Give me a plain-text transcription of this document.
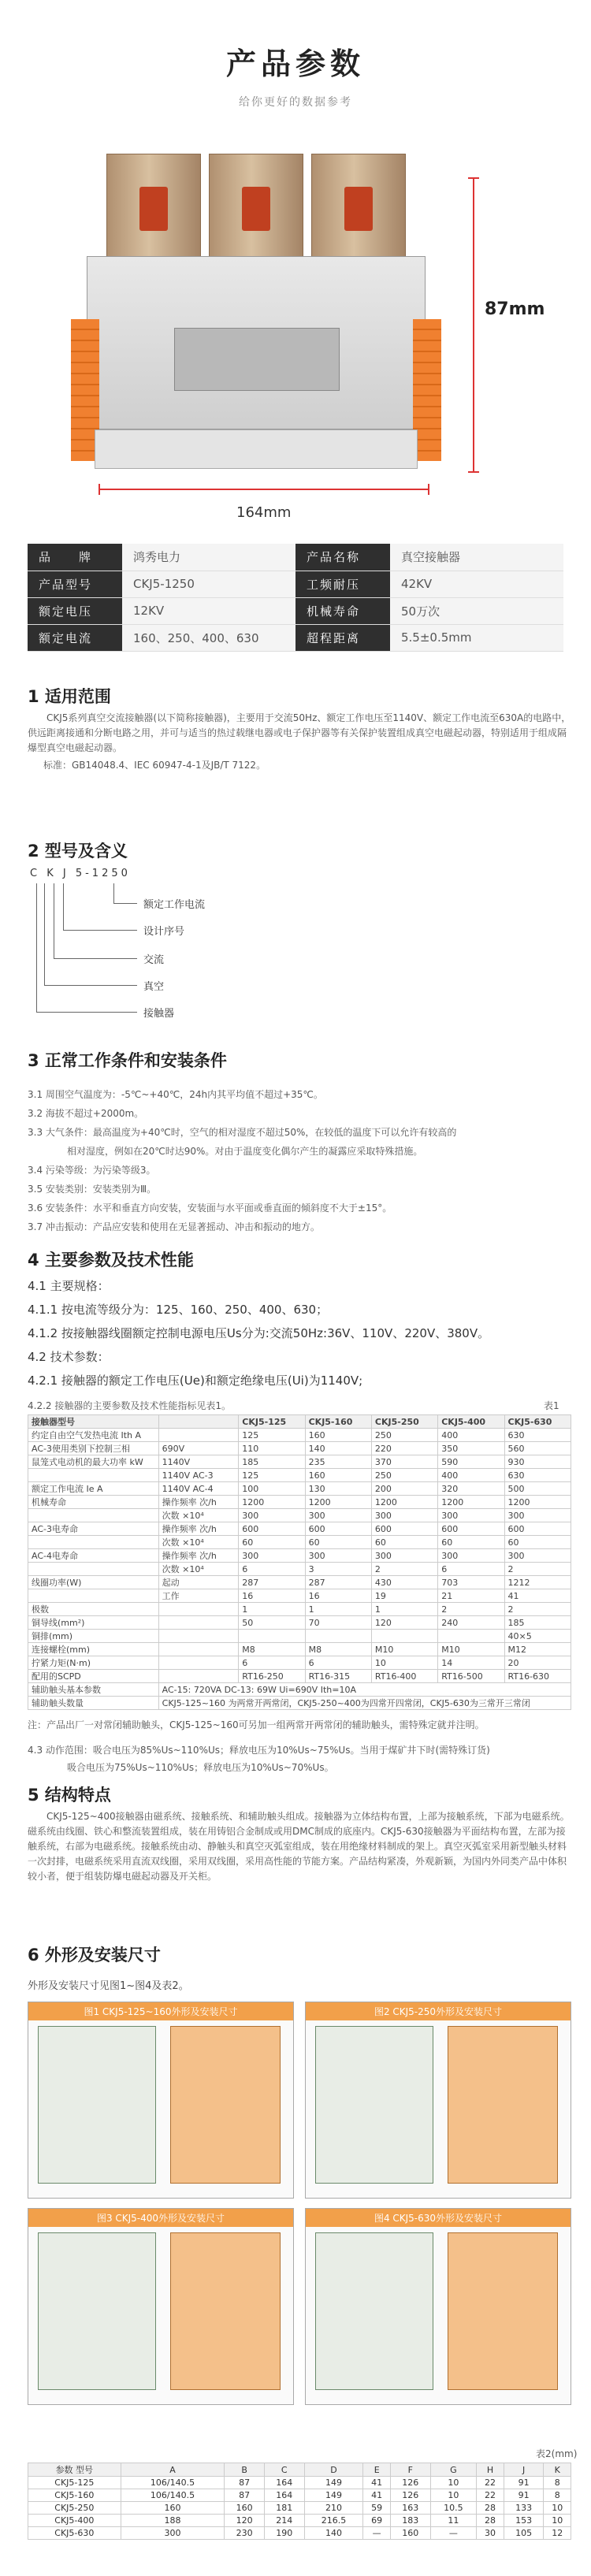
产品参数
给你更好的数据参考
87mm
164mm
品　　牌	鸿秀电力	产品名称	真空接触器
产品型号	CKJ5-1250	工频耐压	42KV
额定电压	12KV	机械寿命	50万次
额定电流	160、250、400、630	超程距离	5.5±0.5mm
1 适用范围
CKJ5系列真空交流接触器(以下简称接触器)，主要用于交流50Hz、额定工作电压至1140V、额定工作电流至630A的电路中，供远距离接通和分断电路之用，并可与适当的热过载继电器或电子保护器等有关保护装置组成真空电磁起动器，特别适用于组成隔爆型真空电磁起动器。
标准：GB14048.4、IEC 60947-4-1及JB/T 7122。
2 型号及含义
C K J 5-1250
额定工作电流
设计序号
交流
真空
接触器
3 正常工作条件和安装条件
3.1 周围空气温度为：-5℃~+40℃，24h内其平均值不超过+35℃。
3.2 海拔不超过+2000m。
3.3 大气条件：最高温度为+40℃时，空气的相对湿度不超过50%，在较低的温度下可以允许有较高的
相对湿度，例如在20℃时达90%。对由于温度变化偶尔产生的凝露应采取特殊措施。
3.4 污染等级：为污染等级3。
3.5 安装类别：安装类别为Ⅲ。
3.6 安装条件：水平和垂直方向安装，安装面与水平面或垂直面的倾斜度不大于±15°。
3.7 冲击振动：产品应安装和使用在无显著摇动、冲击和振动的地方。
4 主要参数及技术性能
4.1 主要规格：
4.1.1 按电流等级分为：125、160、250、400、630；
4.1.2 按接触器线圈额定控制电源电压Us分为:交流50Hz:36V、110V、220V、380V。
4.2 技术参数：
4.2.1 接触器的额定工作电压(Ue)和额定绝缘电压(Ui)为1140V;
4.2.2 接触器的主要参数及技术性能指标见表1。	表1
接触器型号		CKJ5-125	CKJ5-160	CKJ5-250	CKJ5-400	CKJ5-630
约定自由空气发热电流 Ith A		125	160	250	400	630
AC-3使用类别下控制三相	690V	110	140	220	350	560
鼠笼式电动机的最大功率 kW	1140V	185	235	370	590	930
	1140V AC-3	125	160	250	400	630
额定工作电流 Ie A	1140V AC-4	100	130	200	320	500
机械寿命	操作频率 次/h	1200	1200	1200	1200	1200
	次数 ×10⁴	300	300	300	300	300
AC-3电寿命	操作频率 次/h	600	600	600	600	600
	次数 ×10⁴	60	60	60	60	60
AC-4电寿命	操作频率 次/h	300	300	300	300	300
	次数 ×10⁴	6	3	2	6	2
线圈功率(W)	起动	287	287	430	703	1212
	工作	16	16	19	21	41
极数		1	1	1	2	2
铜导线(mm²)		50	70	120	240	185
铜排(mm)						40×5
连接螺栓(mm)		M8	M8	M10	M10	M12
拧紧力矩(N·m)		6	6	10	14	20
配用的SCPD		RT16-250	RT16-315	RT16-400	RT16-500	RT16-630
辅助触头基本参数	AC-15: 720VA DC-13: 69W Ui=690V Ith=10A					
辅助触头数量	CKJ5-125~160 为两常开两常闭，CKJ5-250~400为四常开四常闭，CKJ5-630为三常开三常闭					
注：产品出厂一对常闭辅助触头，CKJ5-125~160可另加一组两常开两常闭的辅助触头，需特殊定就并注明。
4.3 动作范围：吸合电压为85%Us~110%Us；释放电压为10%Us~75%Us。当用于煤矿井下时(需特殊订货)
吸合电压为75%Us~110%Us；释放电压为10%Us~70%Us。
5 结构特点
CKJ5-125~400接触器由磁系统、接触系统、和辅助触头组成。接触器为立体结构布置，上部为接触系统，下部为电磁系统。磁系统由线圈、铁心和整流装置组成，装在用铸铝合金制成或用DMC制成的底座内。CKJ5-630接触器为平面结构布置，左部为接触系统，右部为电磁系统。接触系统由动、静触头和真空灭弧室组成，装在用绝缘材料制成的架上。真空灭弧室采用新型触头材料一次封排，电磁系统采用直流双线圈，采用双线圈，采用高性能的节能方案。产品结构紧凑，外观新颖，为国内外同类产品中体积较小者，便于组装防爆电磁起动器及开关柜。
6 外形及安装尺寸
外形及安装尺寸见图1~图4及表2。
图1 CKJ5-125~160外形及安装尺寸	图2 CKJ5-250外形及安装尺寸
图3 CKJ5-400外形及安装尺寸	图4 CKJ5-630外形及安装尺寸
表2(mm)
参数 型号	A	B	C	D	E	F	G	H	J	K
CKJ5-125	106/140.5	87	164	149	41	126	10	22	91	8
CKJ5-160	106/140.5	87	164	149	41	126	10	22	91	8
CKJ5-250	160	160	181	210	59	163	10.5	28	133	10
CKJ5-400	188	120	214	216.5	69	183	11	28	153	10
CKJ5-630	300	230	190	140	—	160	—	30	105	12
